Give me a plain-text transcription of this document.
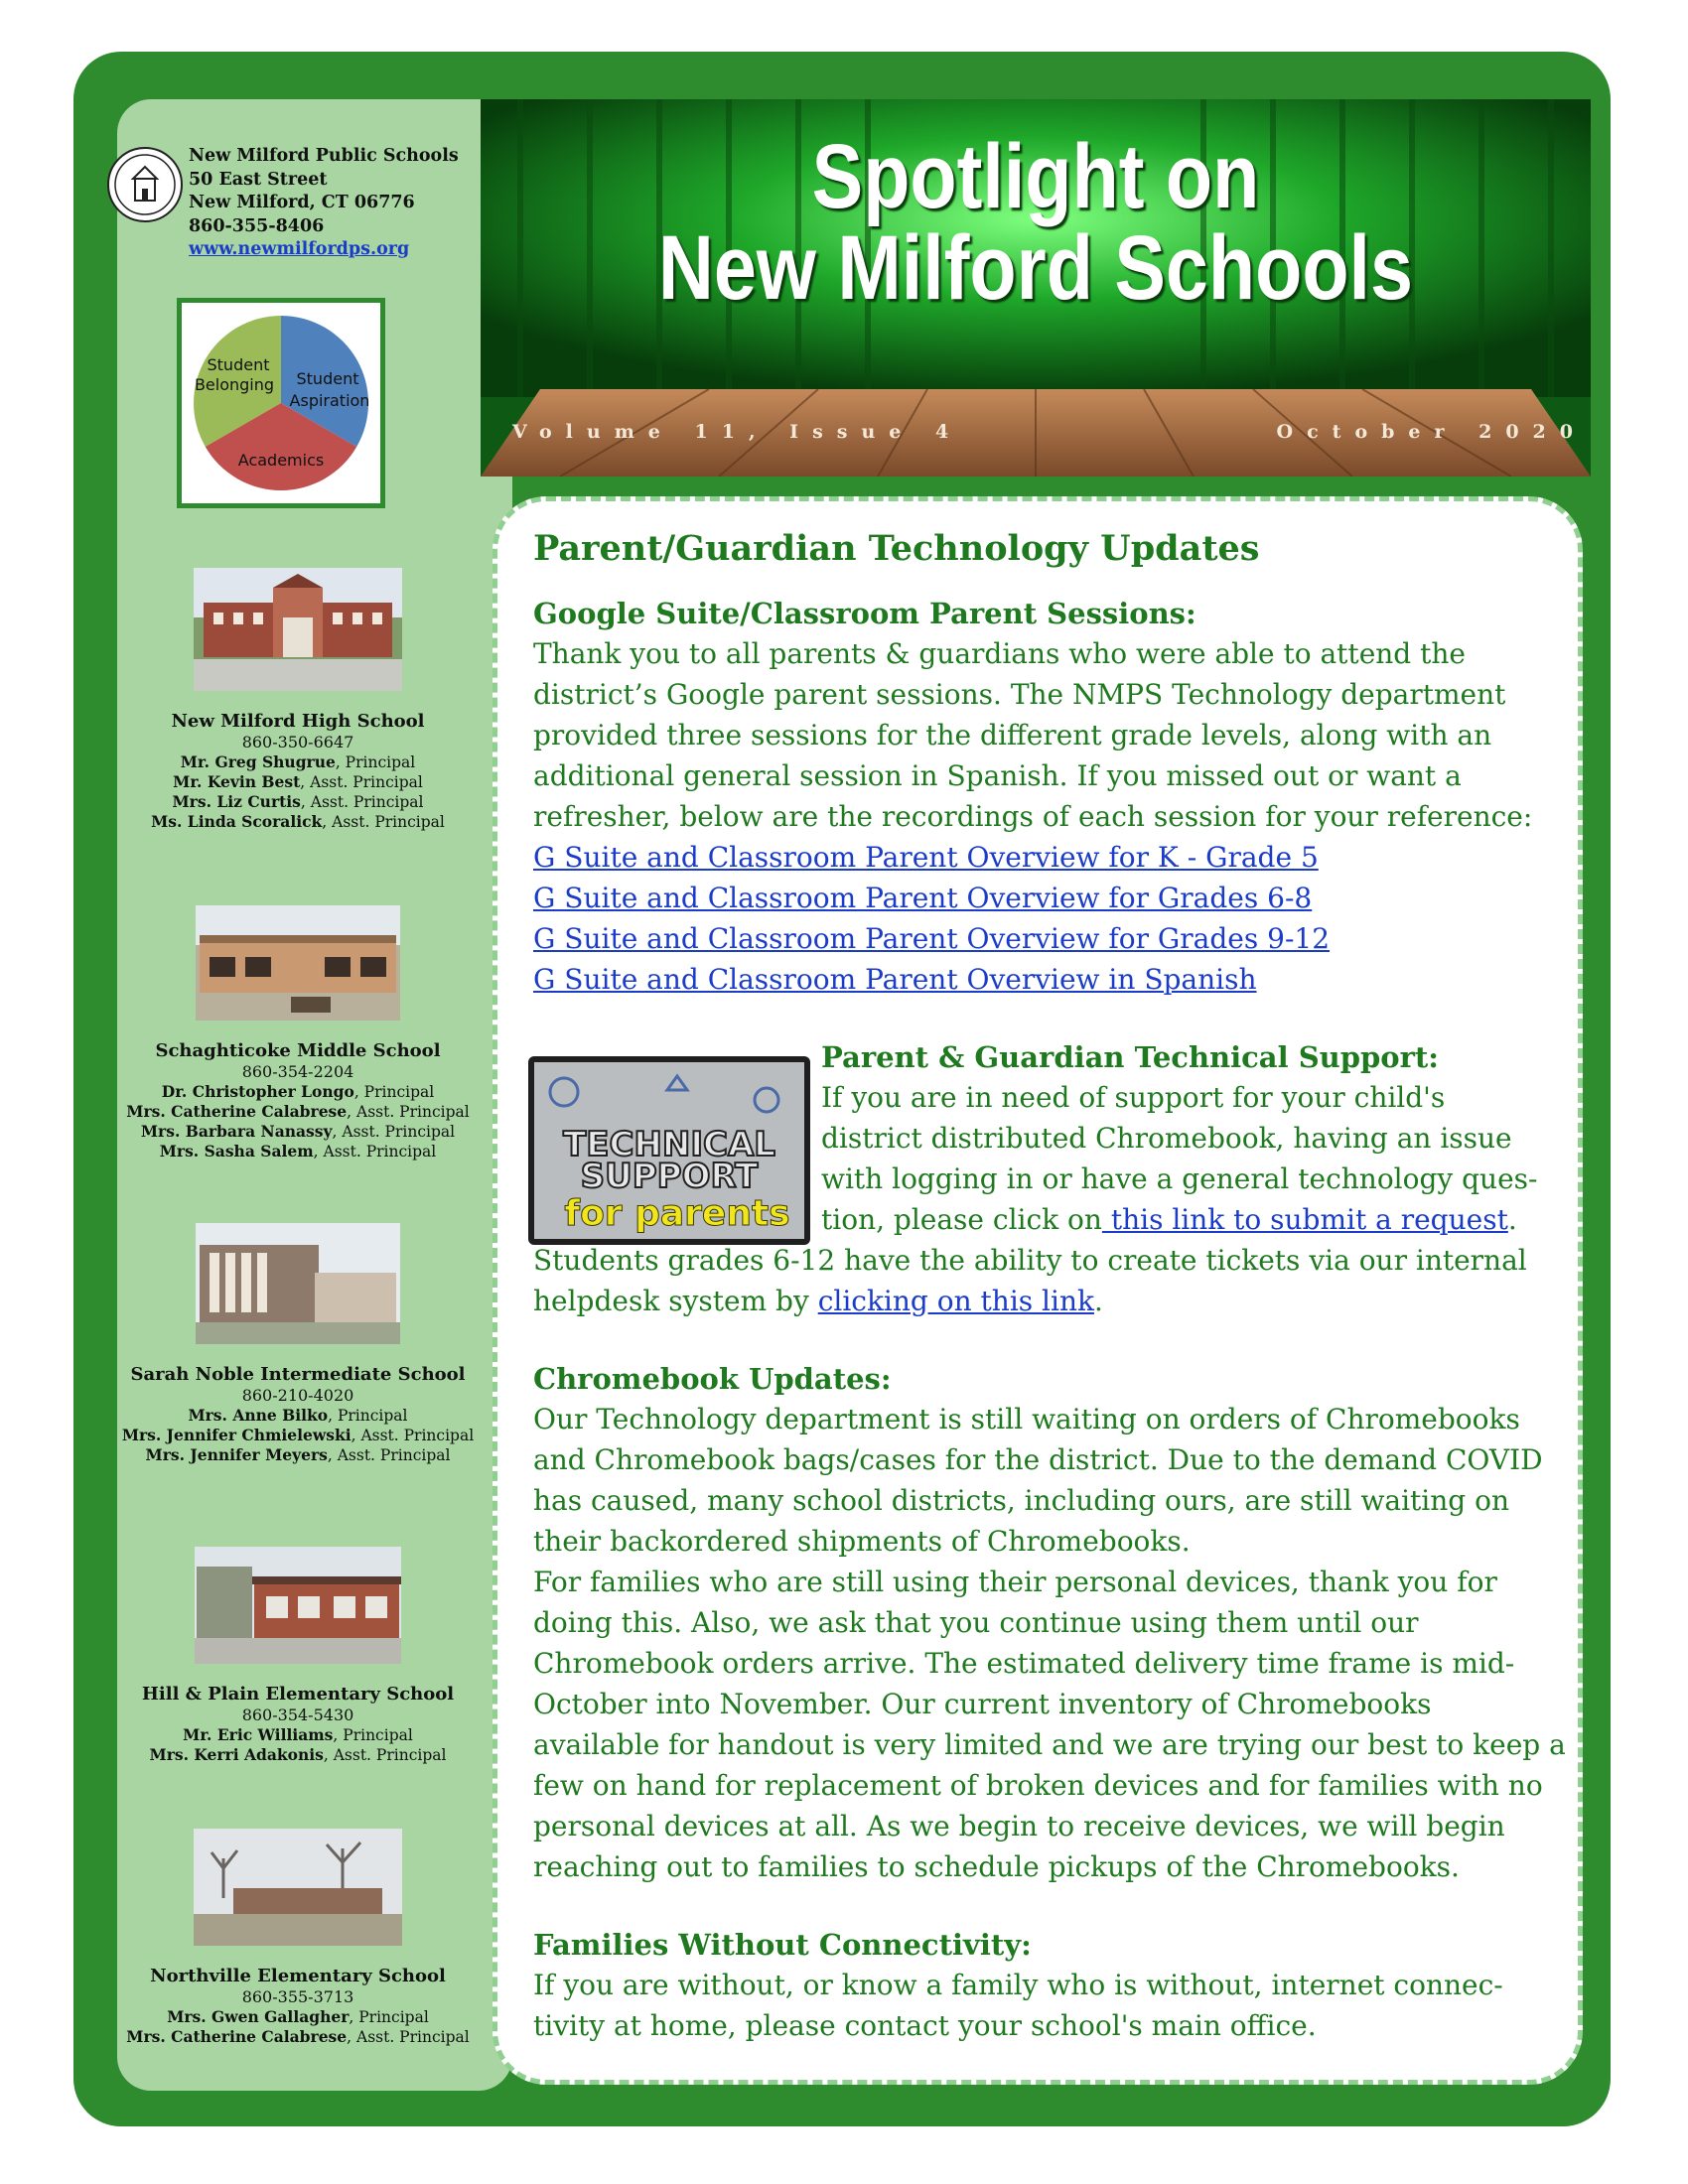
New Milford Public Schools
50 East Street
New Milford, CT 06776
860-355-8406
www.newmilfordps.org
Student
Belonging Student
Aspiration
Academics
New Milford High School
860-350-6647
Mr. Greg Shugrue, Principal
Mr. Kevin Best, Asst. Principal
Mrs. Liz Curtis, Asst. Principal
Ms. Linda Scoralick, Asst. Principal
Schaghticoke Middle School
860-354-2204
Dr. Christopher Longo, Principal
Mrs. Catherine Calabrese, Asst. Principal
Mrs. Barbara Nanassy, Asst. Principal
Mrs. Sasha Salem, Asst. Principal
Sarah Noble Intermediate School
860-210-4020
Mrs. Anne Bilko, Principal
Mrs. Jennifer Chmielewski, Asst. Principal
Mrs. Jennifer Meyers, Asst. Principal
Hill & Plain Elementary School
860-354-5430
Mr. Eric Williams, Principal
Mrs. Kerri Adakonis, Asst. Principal
Northville Elementary School
860-355-3713
Mrs. Gwen Gallagher, Principal
Mrs. Catherine Calabrese, Asst. Principal
Spotlight on
New Milford Schools
Volume 11, Issue 4	October 2020
TECHNICAL
SUPPORT
for parents
Parent/Guardian Technology Updates
Google Suite/Classroom Parent Sessions:

Thank you to all parents & guardians who were able to attend the district’s Google parent sessions. The NMPS Technology department provided three sessions for the different grade levels, along with an additional general session in Spanish. If you missed out or want a refresher, below are the recordings of each session for your reference:

G Suite and Classroom Parent Overview for K - Grade 5
G Suite and Classroom Parent Overview for Grades 6-8
G Suite and Classroom Parent Overview for Grades 9-12
G Suite and Classroom Parent Overview in Spanish
Parent & Guardian Technical Support:

If you are in need of support for your child's

district distributed Chromebook, having an issue

with logging in or have a general technology ques-

tion, please click on this link to submit a request.

Students grades 6-12 have the ability to create tickets via our internal helpdesk system by clicking on this link.

Chromebook Updates:

Our Technology department is still waiting on orders of Chromebooks and Chromebook bags/cases for the district. Due to the demand COVID has caused, many school districts, including ours, are still waiting on their backordered shipments of Chromebooks.

For families who are still using their personal devices, thank you for doing this. Also, we ask that you continue using them until our Chromebook orders arrive. The estimated delivery time frame is mid-October into November. Our current inventory of Chromebooks available for handout is very limited and we are trying our best to keep a few on hand for replacement of broken devices and for families with no personal devices at all. As we begin to receive devices, we will begin reaching out to families to schedule pickups of the Chromebooks.

Families Without Connectivity:

If you are without, or know a family who is without, internet connec-tivity at home, please contact your school's main office.
